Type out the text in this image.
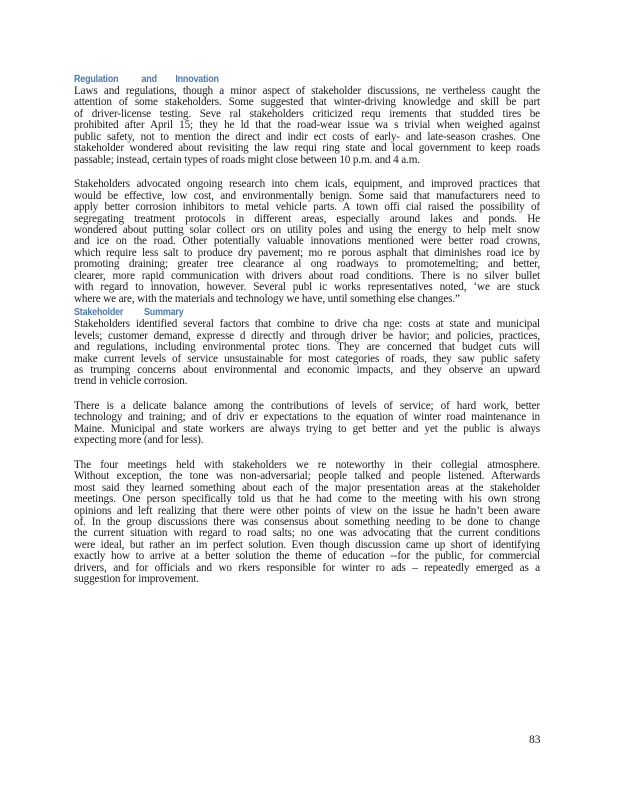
Regulation          and        Innovation
Laws and regulations, though a minor aspect of stakeholder discussions, ne vertheless caught the
attention of some stakeholders. Some suggested that winter-driving knowledge and skill be part
of driver-license testing. Seve ral stakeholders criticized requ irements that studded tires be
prohibited after April 15; they he ld that the road-wear issue wa s trivial when weighed against
public safety, not to mention the direct and indir ect costs of early- and late-season crashes. One
stakeholder wondered about revisiting the law requi ring state and local government to keep roads
passable; instead, certain types of roads might close between 10 p.m. and 4 a.m.
Stakeholders advocated ongoing research into chem icals, equipment, and improved practices that
would be effective, low cost, and environmentally benign. Some said that manufacturers need to
apply better corrosion inhibitors to metal vehicle parts. A town offi cial raised the possibility of
segregating treatment protocols in different areas, especially around lakes and ponds. He
wondered about putting solar collect ors on utility poles and using the energy to help melt snow
and ice on the road. Other potentially valuable innovations mentioned were better road crowns,
which require less salt to produce dry pavement; mo re porous asphalt that diminishes road ice by
promoting draining; greater tree clearance al ong roadways to promotemelting; and better,
clearer, more rapid communication with drivers about road conditions. There is no silver bullet
with regard to innovation, however. Several publ ic works representatives noted, ‘we are stuck
where we are, with the materials and technology we have, until something else changes.”
Stakeholder         Summary
Stakeholders identified several factors that combine to drive cha nge: costs at state and municipal
levels; customer demand, expresse d directly and through driver be havior; and policies, practices,
and regulations, including environmental protec tions. They are concerned that budget cuts will
make current levels of service unsustainable for most categories of roads, they saw public safety
as trumping concerns about environmental and economic impacts, and they observe an upward
trend in vehicle corrosion.
There is a delicate balance among the contributions of levels of service; of hard work, better
technology and training; and of driv er expectations to the equation of winter road maintenance in
Maine. Municipal and state workers are always trying to get better and yet the public is always
expecting more (and for less).
The four meetings held with stakeholders we re noteworthy in their collegial atmosphere.
Without exception, the tone was non-adversarial; people talked and people listened. Afterwards
most said they learned something about each of the major presentation areas at the stakeholder
meetings. One person specifically told us that he had come to the meeting with his own strong
opinions and left realizing that there were other points of view on the issue he hadn’t been aware
of. In the group discussions there was consensus about something needing to be done to change
the current situation with regard to road salts; no one was advocating that the current conditions
were ideal, but rather an im perfect solution. Even though discussion came up short of identifying
exactly how to arrive at a better solution the theme of education --for the public, for commercial
drivers, and for officials and wo rkers responsible for winter ro ads – repeatedly emerged as a
suggestion for improvement.
83
